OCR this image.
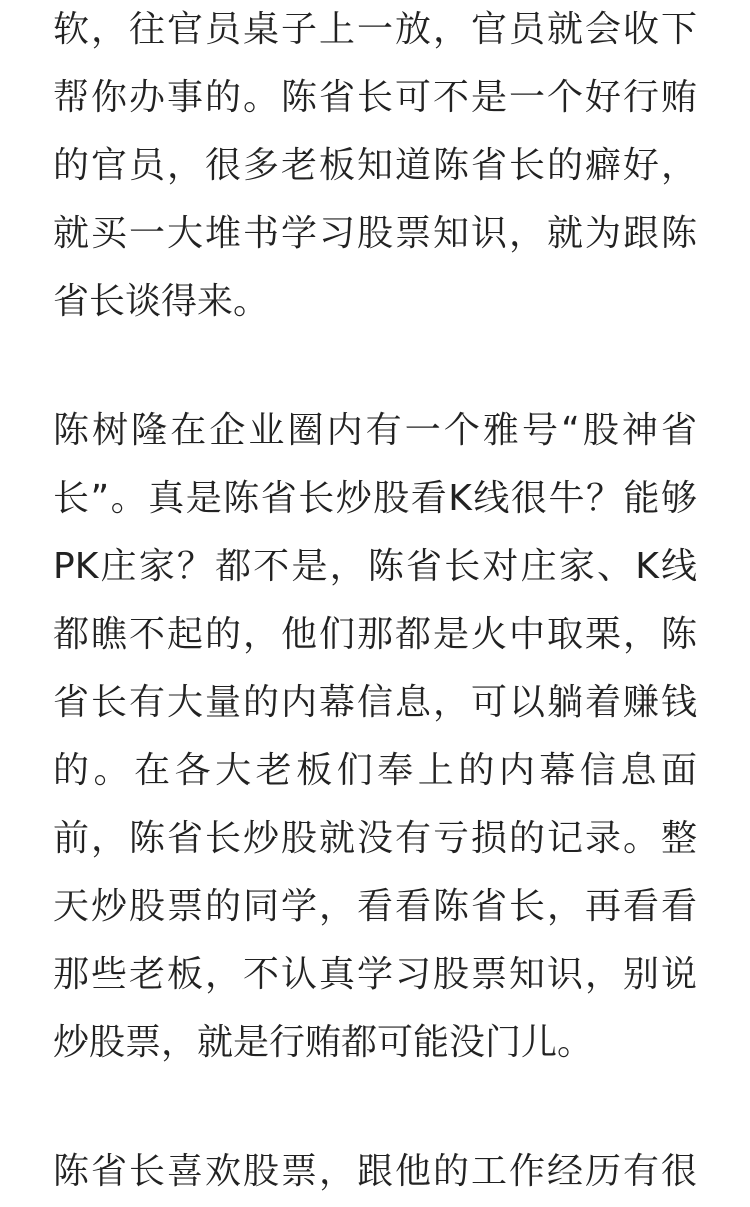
软，往官员桌子上一放，官员就会收下
帮你办事的。陈省长可不是一个好行贿
的官员，很多老板知道陈省长的癖好，
就买一大堆书学习股票知识，就为跟陈
省长谈得来。
陈树隆在企业圈内有一个雅号“股神省
长”。真是陈省长炒股看K线很牛？能够
PK庄家？都不是，陈省长对庄家、K线
都瞧不起的，他们那都是火中取栗，陈
省长有大量的内幕信息，可以躺着赚钱
的。在各大老板们奉上的内幕信息面
前，陈省长炒股就没有亏损的记录。整
天炒股票的同学，看看陈省长，再看看
那些老板，不认真学习股票知识，别说
炒股票，就是行贿都可能没门儿。
陈省长喜欢股票，跟他的工作经历有很
